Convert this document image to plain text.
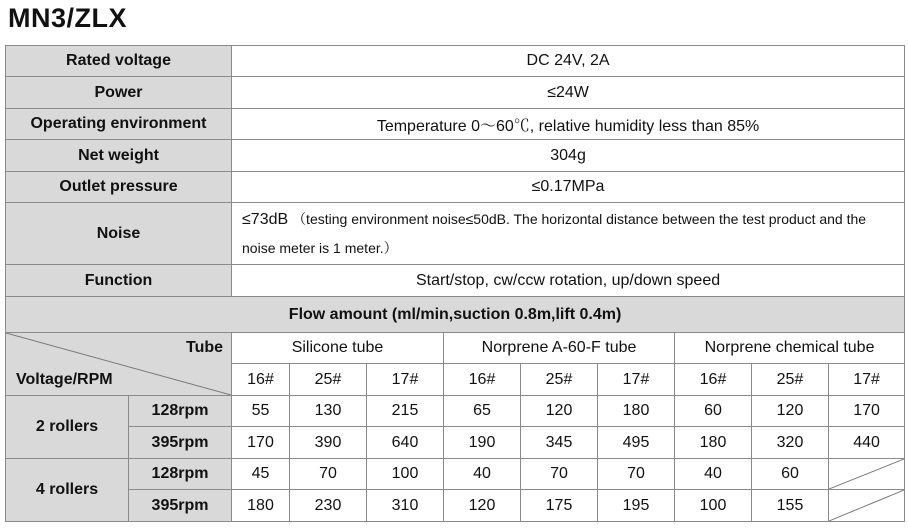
MN3/ZLX
Rated voltage		DC 24V, 2A								
Power		≤24W								
Operating environment		Temperature 0～60℃, relative humidity less than 85%								
Net weight		304g								
Outlet pressure		≤0.17MPa								
Noise		≤73dB （testing environment noise≤50dB. The horizontal distance between the test product and the noise meter is 1 meter.）								
Function		Start/stop, cw/ccw rotation, up/down speed								
Flow amount (ml/min,suction 0.8m,lift 0.4m)										

Tube
Voltage/RPM		Silicone tube			Norprene A-60-F tube			Norprene chemical tube		
		16#	25#	17#	16#	25#	17#	16#	25#	17#
2 rollers	128rpm	55	130	215	65	120	180	60	120	170
	395rpm	170	390	640	190	345	495	180	320	440
4 rollers	128rpm	45	70	100	40	70	70	40	60	

	395rpm	180	230	310	120	175	195	100	155	
